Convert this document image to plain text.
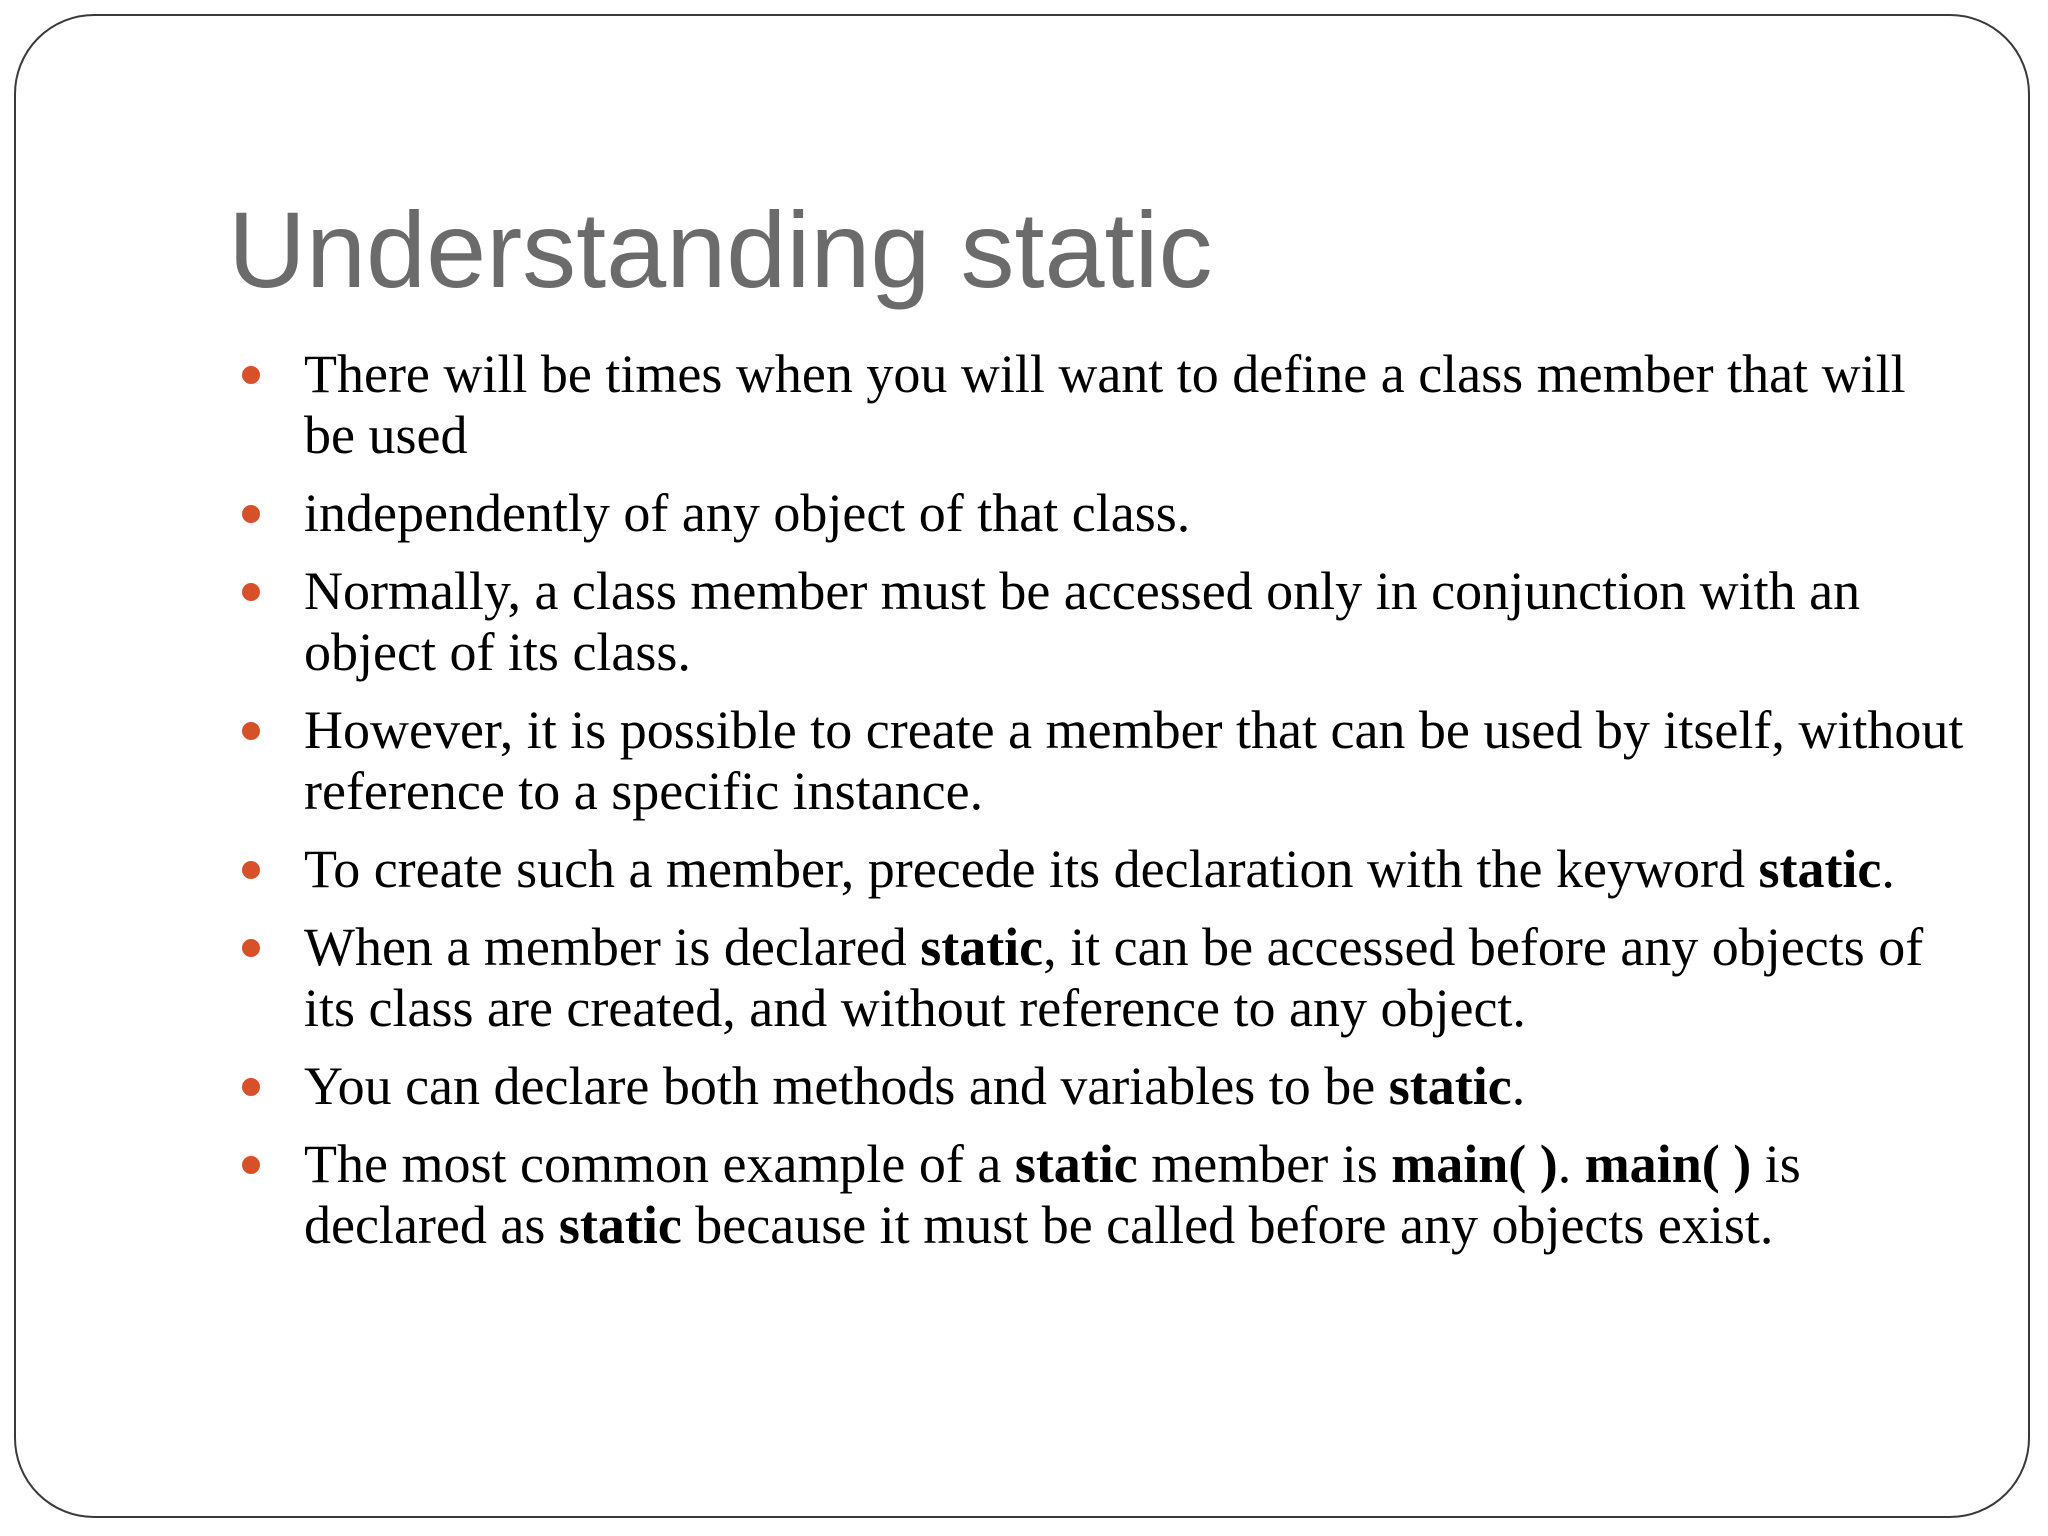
Understanding static
There will be times when you will want to define a class member that will be used
independently of any object of that class.
Normally, a class member must be accessed only in conjunction with an object of its class.
However, it is possible to create a member that can be used by itself, without reference to a specific instance.
To create such a member, precede its declaration with the keyword static.
When a member is declared static, it can be accessed before any objects of its class are created, and without reference to any object.
You can declare both methods and variables to be static.
The most common example of a static member is main( ). main( ) is declared as static because it must be called before any objects exist.
